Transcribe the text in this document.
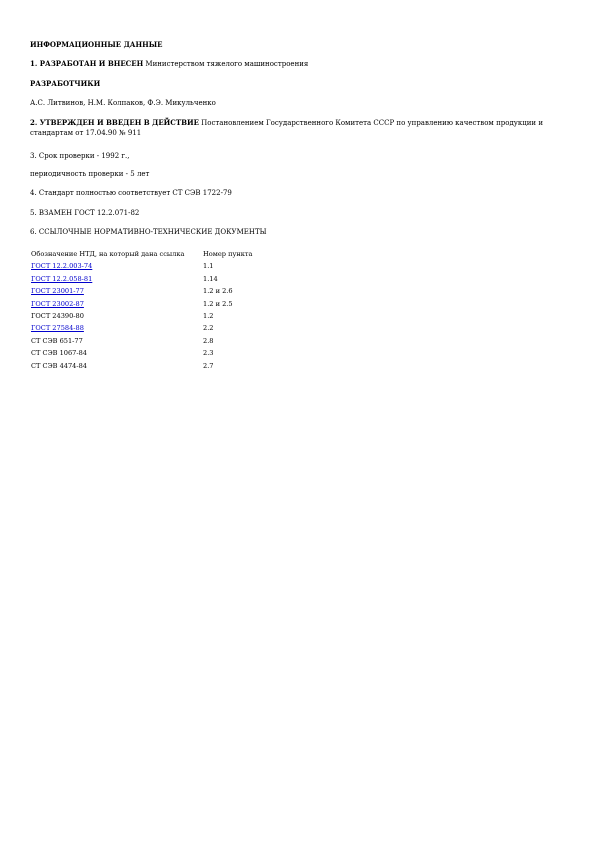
ИНФОРМАЦИОННЫЕ ДАННЫЕ
1. РАЗРАБОТАН И ВНЕСЕН Министерством тяжелого машиностроения
РАЗРАБОТЧИКИ
А.С. Литвинов, Н.М. Колпаков, Ф.Э. Микульченко
2. УТВЕРЖДЕН И ВВЕДЕН В ДЕЙСТВИЕ Постановлением Государственного Комитета СССР по управлению качеством продукции и стандартам от 17.04.90 № 911
3. Срок проверки - 1992 г.,
периодичность проверки - 5 лет
4. Стандарт полностью соответствует СТ СЭВ 1722-79
5. ВЗАМЕН ГОСТ 12.2.071-82
6. ССЫЛОЧНЫЕ НОРМАТИВНО-ТЕХНИЧЕСКИЕ ДОКУМЕНТЫ
Обозначение НТД, на который дана ссылка	Номер пункта
ГОСТ 12.2.003-74	1.1
ГОСТ 12.2.058-81	1.14
ГОСТ 23001-77	1.2 и 2.6
ГОСТ 23002-87	1.2 и 2.5
ГОСТ 24390-80	1.2
ГОСТ 27584-88	2.2
СТ СЭВ 651-77	2.8
СТ СЭВ 1067-84	2.3
СТ СЭВ 4474-84	2.7
